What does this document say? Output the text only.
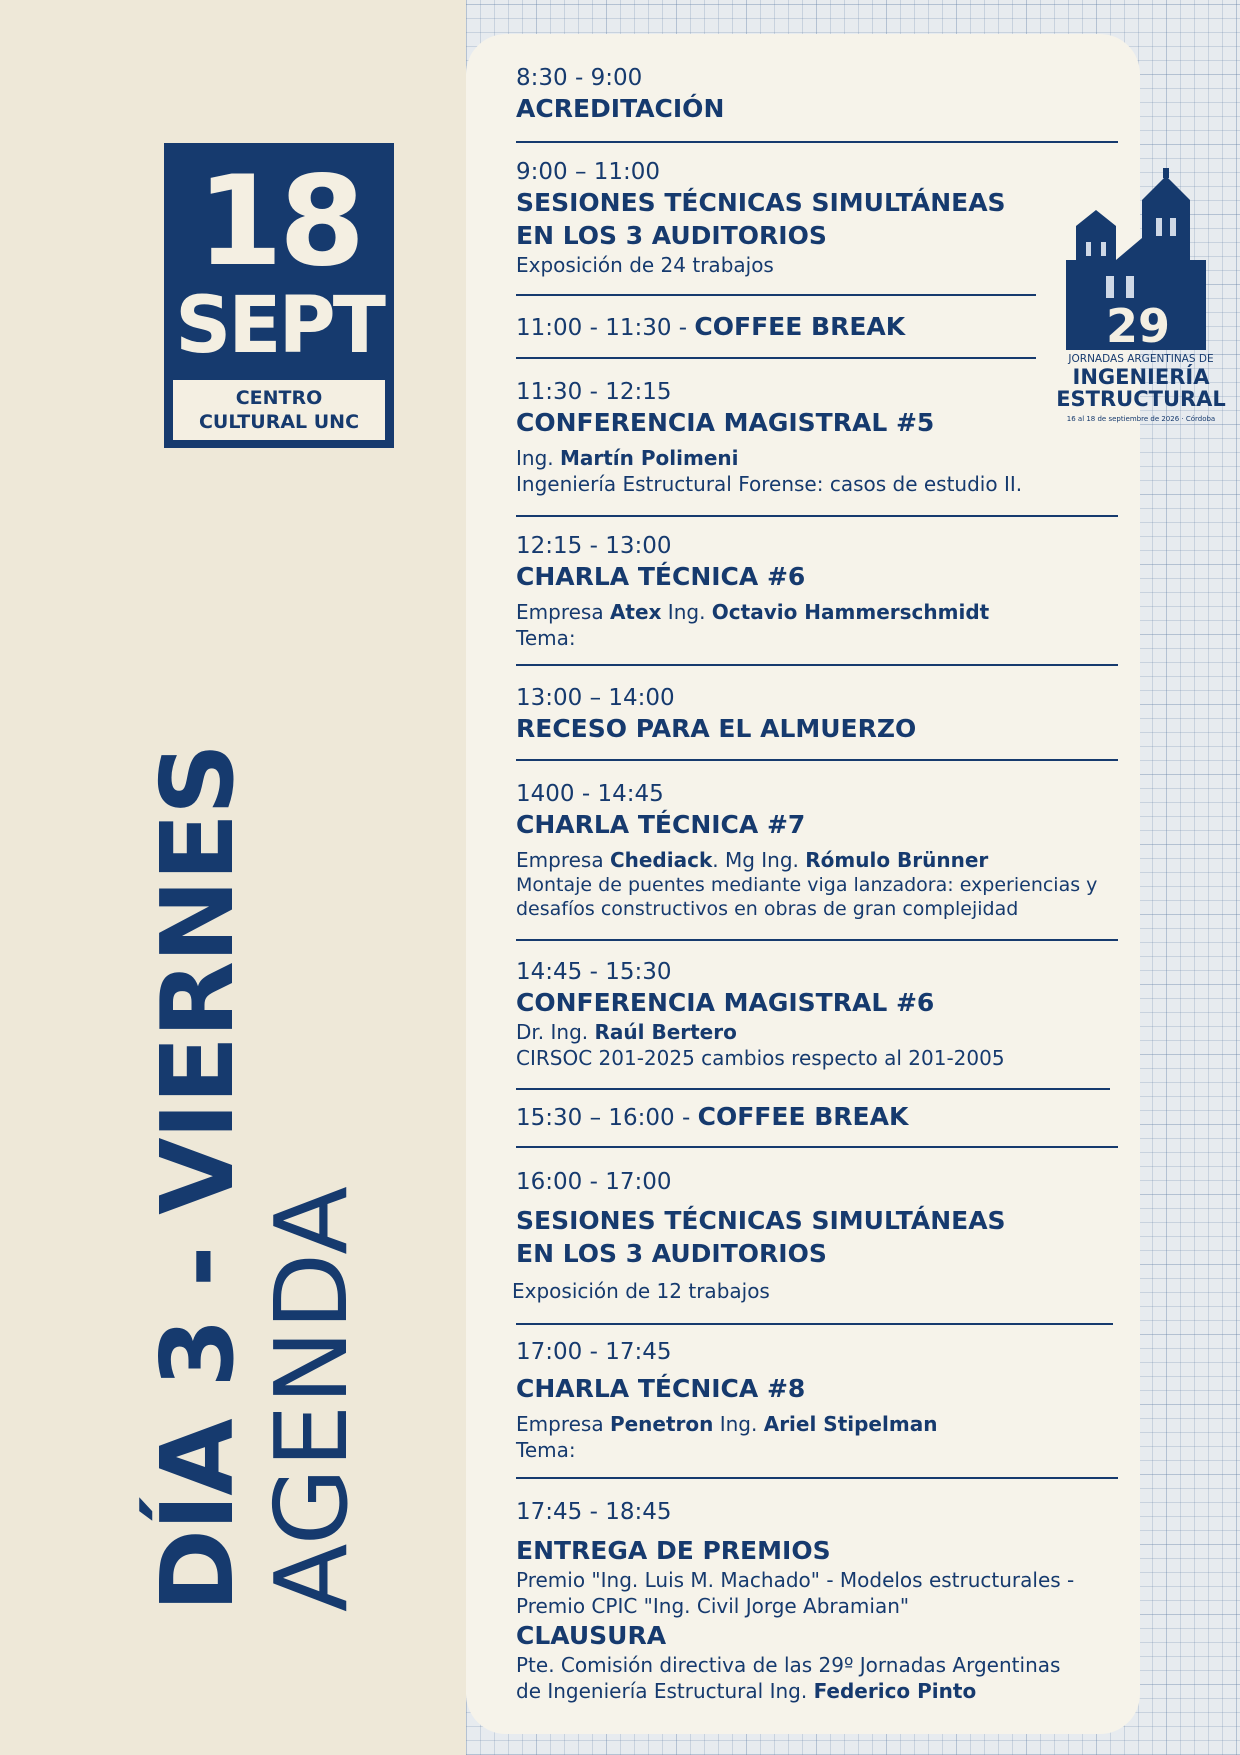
18
SEPT
CENTRO
CULTURAL UNC
DÍA 3 - VIERNES
AGENDA
29
JORNADAS ARGENTINAS DE
INGENIERÍA
ESTRUCTURAL
16 al 18 de septiembre de 2026 · Córdoba
8:30 - 9:00
ACREDITACIÓN
9:00 – 11:00
SESIONES TÉCNICAS SIMULTÁNEAS
EN LOS 3 AUDITORIOS
Exposición de 24 trabajos
11:00 - 11:30 - COFFEE BREAK
11:30 - 12:15
CONFERENCIA MAGISTRAL #5
Ing. Martín Polimeni
Ingeniería Estructural Forense: casos de estudio II.
12:15 - 13:00
CHARLA TÉCNICA #6
Empresa Atex Ing. Octavio Hammerschmidt
Tema:
13:00 – 14:00
RECESO PARA EL ALMUERZO
1400 - 14:45
CHARLA TÉCNICA #7
Empresa Chediack. Mg Ing. Rómulo Brünner
Montaje de puentes mediante viga lanzadora: experiencias y
desafíos constructivos en obras de gran complejidad
14:45 - 15:30
CONFERENCIA MAGISTRAL #6
Dr. Ing. Raúl Bertero
CIRSOC 201-2025 cambios respecto al 201-2005
15:30 – 16:00 - COFFEE BREAK
16:00 - 17:00
SESIONES TÉCNICAS SIMULTÁNEAS
EN LOS 3 AUDITORIOS
Exposición de 12 trabajos
17:00 - 17:45
CHARLA TÉCNICA #8
Empresa Penetron Ing. Ariel Stipelman
Tema:
17:45 - 18:45
ENTREGA DE PREMIOS
Premio "Ing. Luis M. Machado" - Modelos estructurales -
Premio CPIC "Ing. Civil Jorge Abramian"
CLAUSURA
Pte. Comisión directiva de las 29º Jornadas Argentinas
de Ingeniería Estructural Ing. Federico Pinto
